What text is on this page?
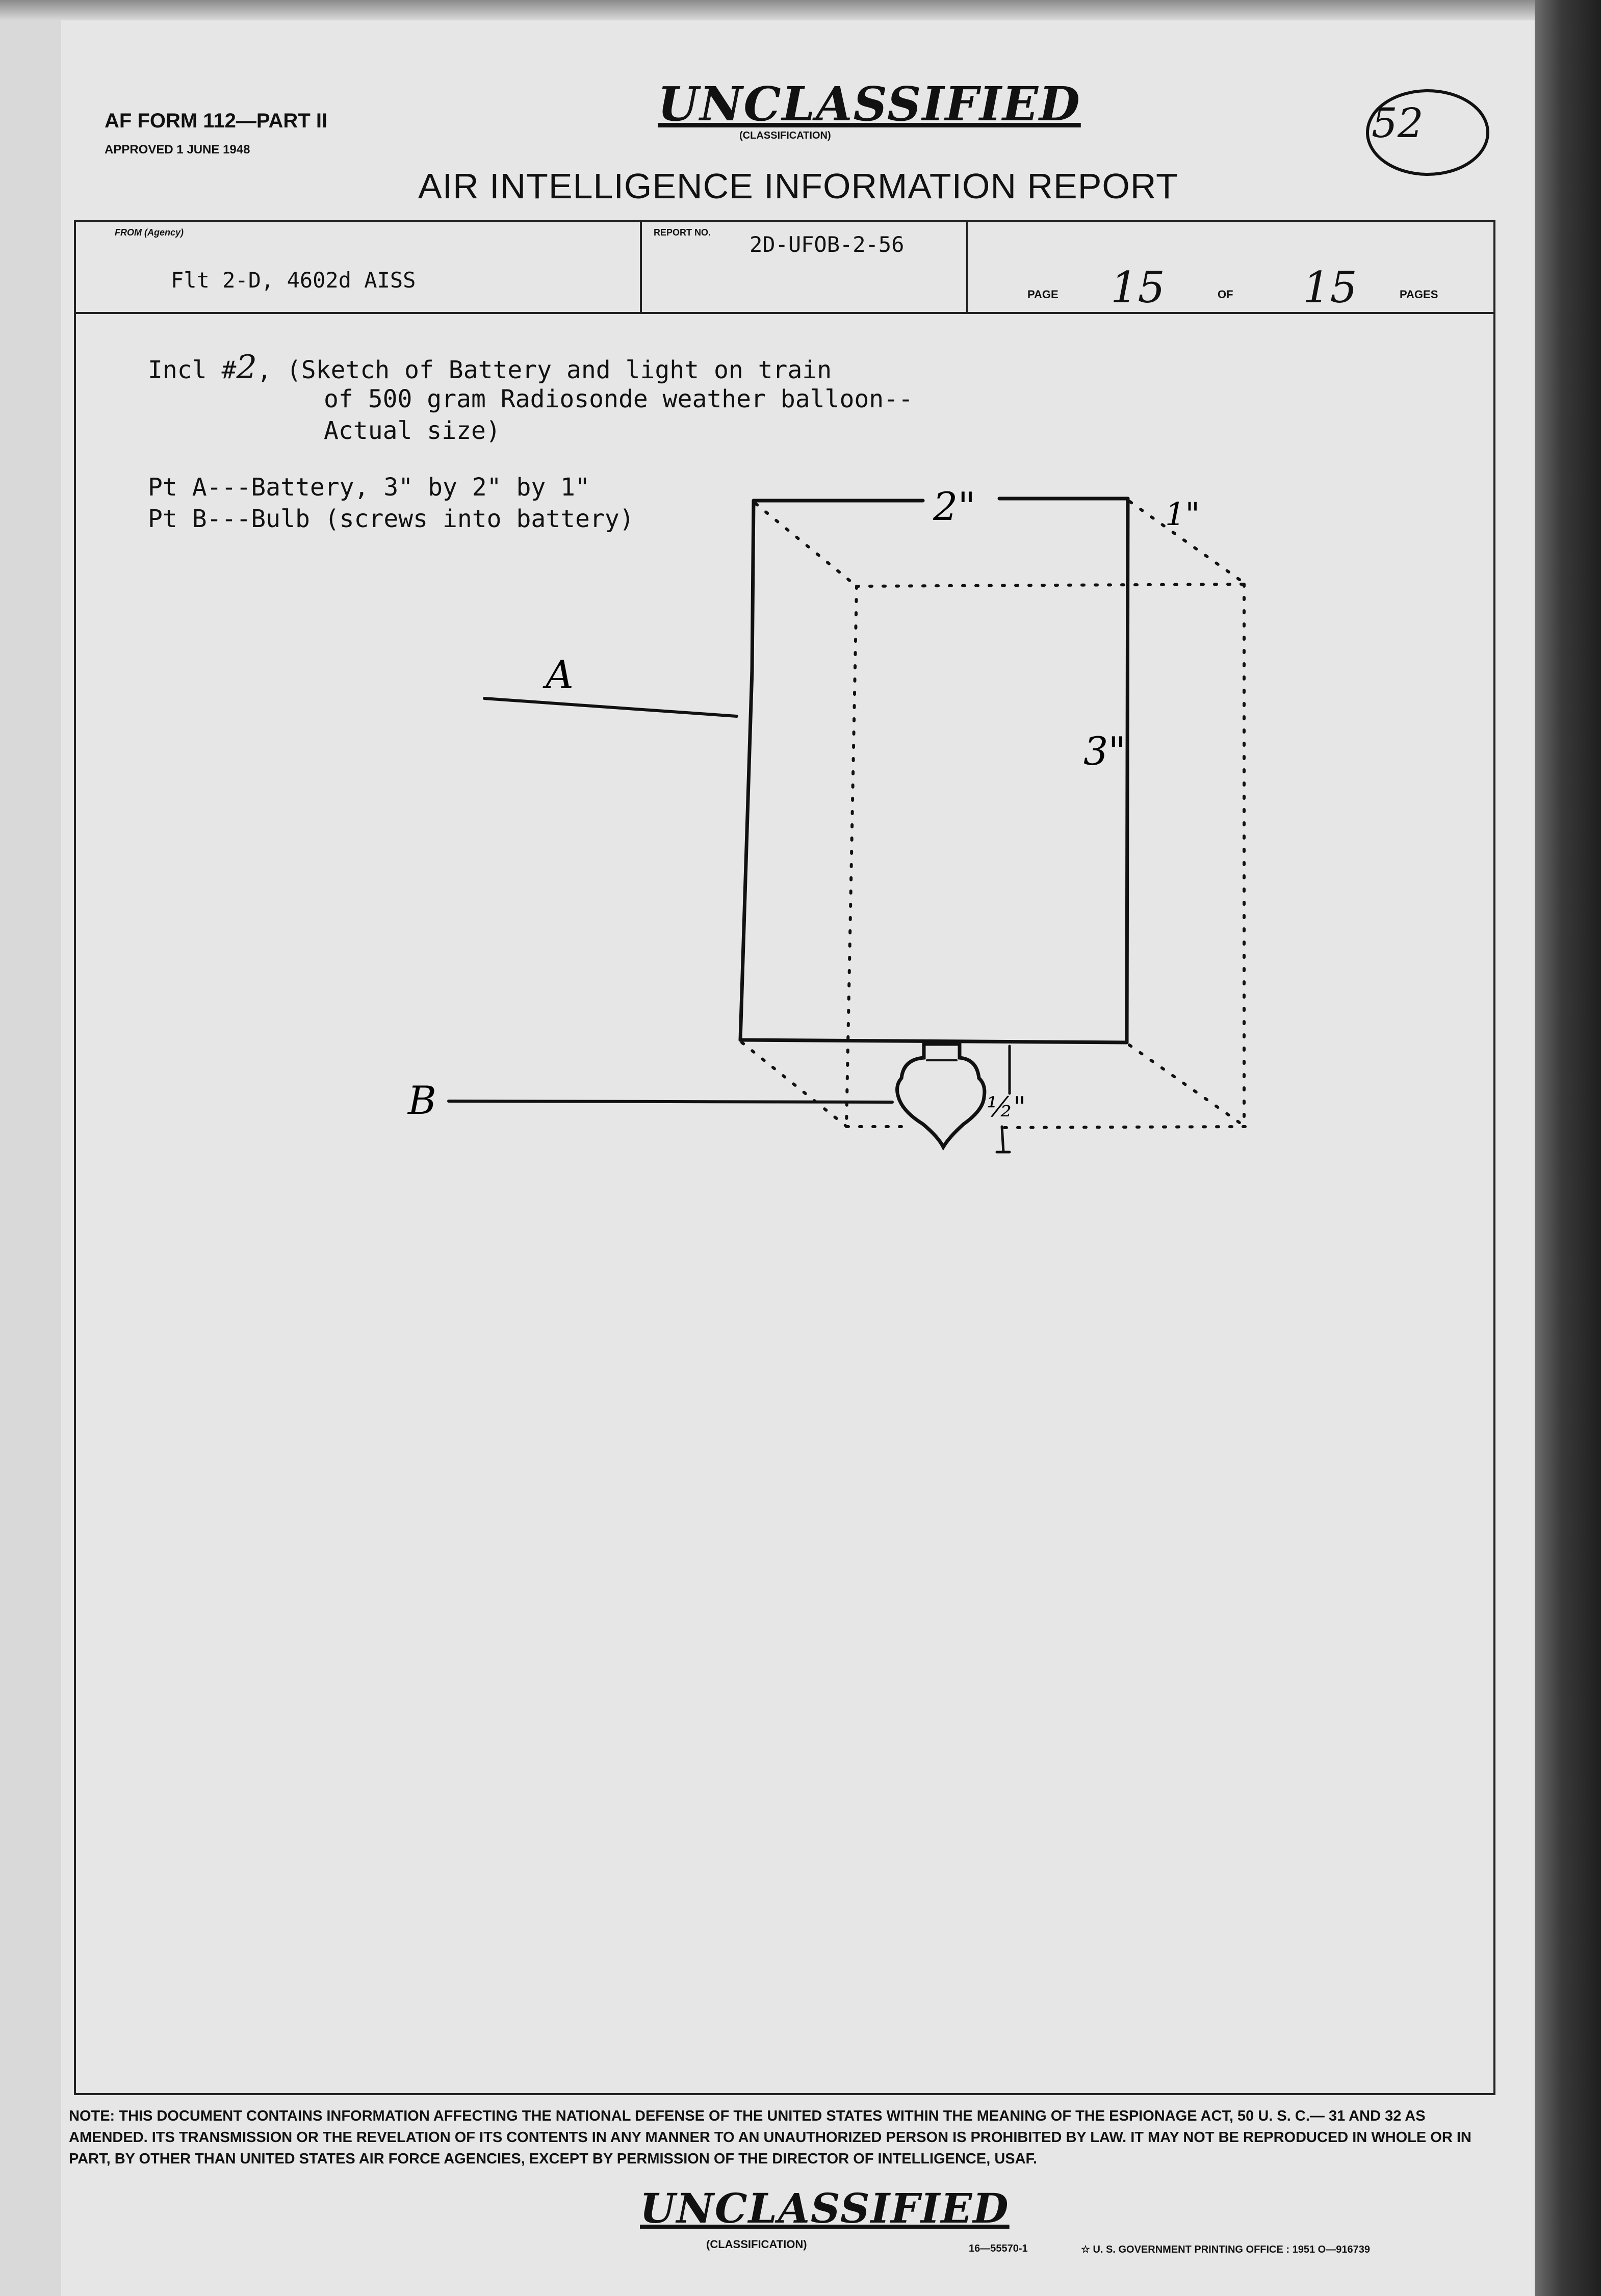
AF FORM 112—PART II
APPROVED 1 JUNE 1948
UNCLASSIFIED
(CLASSIFICATION)	52
AIR INTELLIGENCE INFORMATION REPORT
FROM (Agency)
Flt 2-D, 4602d AISS
REPORT NO. 2D-UFOB-2-56
PAGE 15	OF 15	PAGES
Incl #2, (Sketch of Battery and light on train
of 500 gram Radiosonde weather balloon--
Actual size)
Pt A---Battery, 3" by 2" by 1"
Pt B---Bulb (screws into battery)
A
B
2"	1"
3"
½"
NOTE: THIS DOCUMENT CONTAINS INFORMATION AFFECTING THE NATIONAL DEFENSE OF THE UNITED STATES WITHIN THE MEANING OF THE ESPIONAGE ACT, 50 U. S. C.— 31 AND 32 AS AMENDED. ITS TRANSMISSION OR THE REVELATION OF ITS CONTENTS IN ANY MANNER TO AN UNAUTHORIZED PERSON IS PROHIBITED BY LAW. IT MAY NOT BE REPRODUCED IN WHOLE OR IN PART, BY OTHER THAN UNITED STATES AIR FORCE AGENCIES, EXCEPT BY PERMISSION OF THE DIRECTOR OF INTELLIGENCE, USAF.
UNCLASSIFIED
(CLASSIFICATION)	16—55570-1	☆ U. S. GOVERNMENT PRINTING OFFICE : 1951 O—916739
